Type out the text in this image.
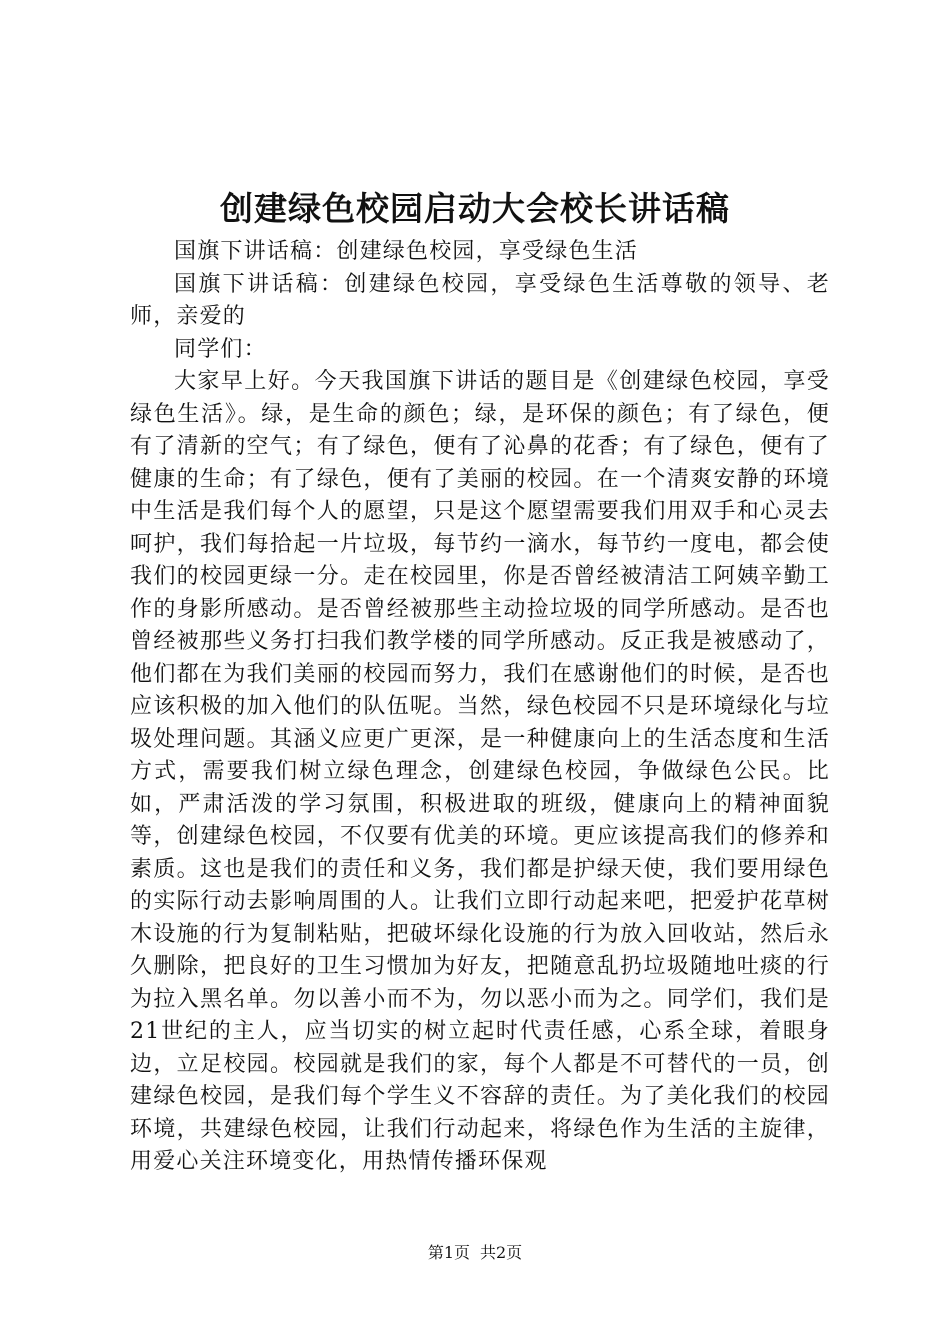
创建绿色校园启动大会校长讲话稿

国旗下讲话稿：创建绿色校园，享受绿色生活

国旗下讲话稿：创建绿色校园，享受绿色生活尊敬的领导、老师，亲爱的

同学们：

大家早上好。今天我国旗下讲话的题目是《创建绿色校园，享受绿色生活》。绿，是生命的颜色；绿，是环保的颜色；有了绿色，便有了清新的空气；有了绿色，便有了沁鼻的花香；有了绿色，便有了健康的生命；有了绿色，便有了美丽的校园。在一个清爽安静的环境中生活是我们每个人的愿望，只是这个愿望需要我们用双手和心灵去呵护，我们每拾起一片垃圾，每节约一滴水，每节约一度电，都会使我们的校园更绿一分。走在校园里，你是否曾经被清洁工阿姨辛勤工作的身影所感动。是否曾经被那些主动捡垃圾的同学所感动。是否也曾经被那些义务打扫我们教学楼的同学所感动。反正我是被感动了，他们都在为我们美丽的校园而努力，我们在感谢他们的时候，是否也应该积极的加入他们的队伍呢。当然，绿色校园不只是环境绿化与垃圾处理问题。其涵义应更广更深，是一种健康向上的生活态度和生活方式，需要我们树立绿色理念，创建绿色校园，争做绿色公民。比如，严肃活泼的学习氛围，积极进取的班级，健康向上的精神面貌等，创建绿色校园，不仅要有优美的环境。更应该提高我们的修养和素质。这也是我们的责任和义务，我们都是护绿天使，我们要用绿色的实际行动去影响周围的人。让我们立即行动起来吧，把爱护花草树木设施的行为复制粘贴，把破坏绿化设施的行为放入回收站，然后永久删除，把良好的卫生习惯加为好友，把随意乱扔垃圾随地吐痰的行为拉入黑名单。勿以善小而不为，勿以恶小而为之。同学们，我们是21世纪的主人，应当切实的树立起时代责任感，心系全球，着眼身边，立足校园。校园就是我们的家，每个人都是不可替代的一员，创建绿色校园，是我们每个学生义不容辞的责任。为了美化我们的校园环境，共建绿色校园，让我们行动起来，将绿色作为生活的主旋律，用爱心关注环境变化，用热情传播环保观

第1页 共2页
